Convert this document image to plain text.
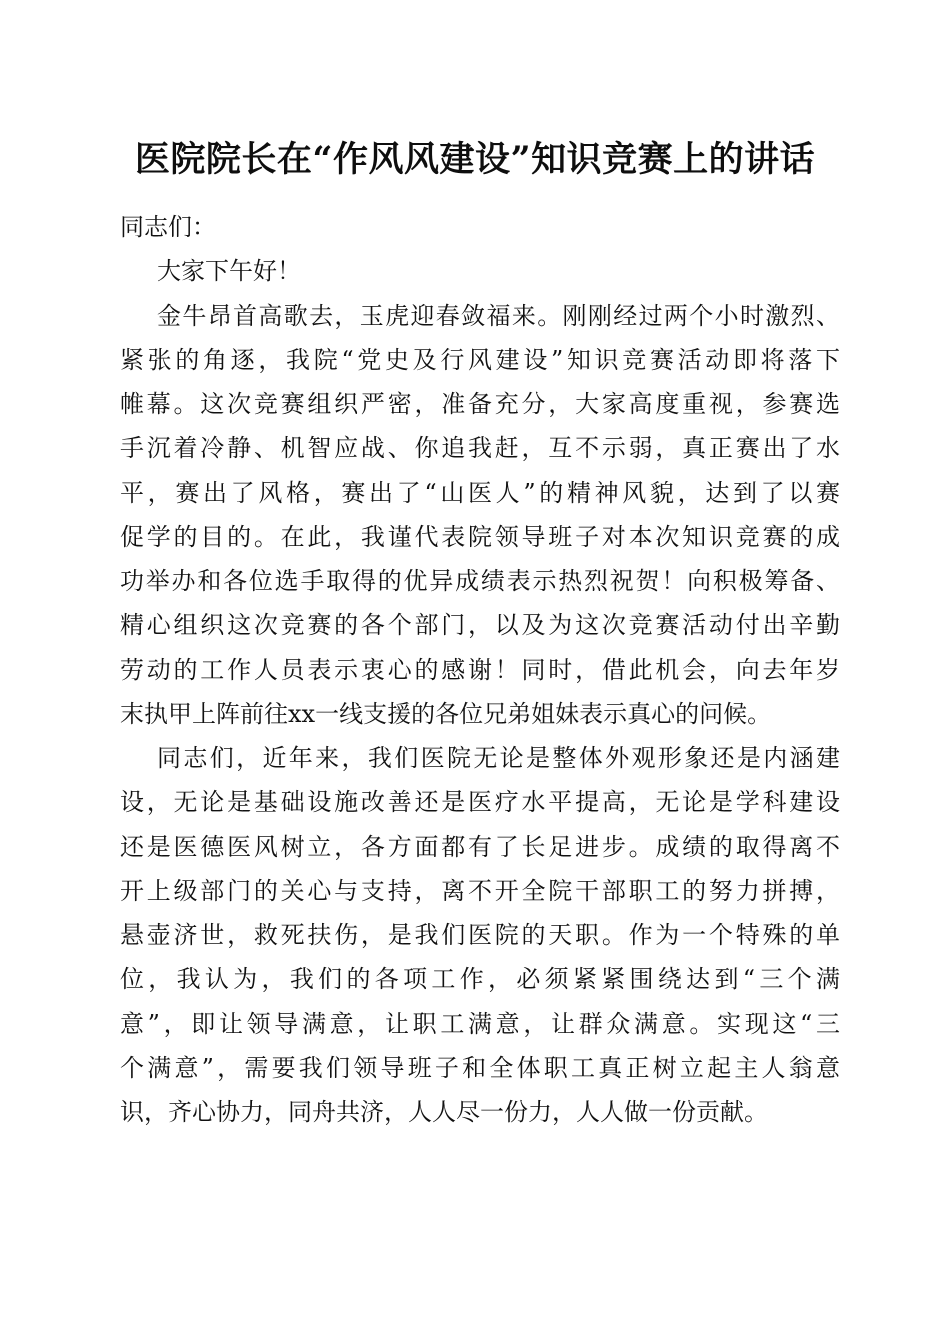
医院院长在“作风风建设”知识竞赛上的讲话

同志们：

大家下午好！

金牛昂首高歌去，玉虎迎春敛福来。刚刚经过两个小时激烈、

紧张的角逐，我院“党史及行风建设”知识竞赛活动即将落下

帷幕。这次竞赛组织严密，准备充分，大家高度重视，参赛选

手沉着冷静、机智应战、你追我赶，互不示弱，真正赛出了水

平，赛出了风格，赛出了“山医人”的精神风貌，达到了以赛

促学的目的。在此，我谨代表院领导班子对本次知识竞赛的成

功举办和各位选手取得的优异成绩表示热烈祝贺！向积极筹备、

精心组织这次竞赛的各个部门，以及为这次竞赛活动付出辛勤

劳动的工作人员表示衷心的感谢！同时，借此机会，向去年岁

末执甲上阵前往xx一线支援的各位兄弟姐妹表示真心的问候。

同志们，近年来，我们医院无论是整体外观形象还是内涵建

设，无论是基础设施改善还是医疗水平提高，无论是学科建设

还是医德医风树立，各方面都有了长足进步。成绩的取得离不

开上级部门的关心与支持，离不开全院干部职工的努力拼搏，

悬壶济世，救死扶伤，是我们医院的天职。作为一个特殊的单

位，我认为，我们的各项工作，必须紧紧围绕达到“三个满

意”，即让领导满意，让职工满意，让群众满意。实现这“三

个满意”，需要我们领导班子和全体职工真正树立起主人翁意

识，齐心协力，同舟共济，人人尽一份力，人人做一份贡献。
